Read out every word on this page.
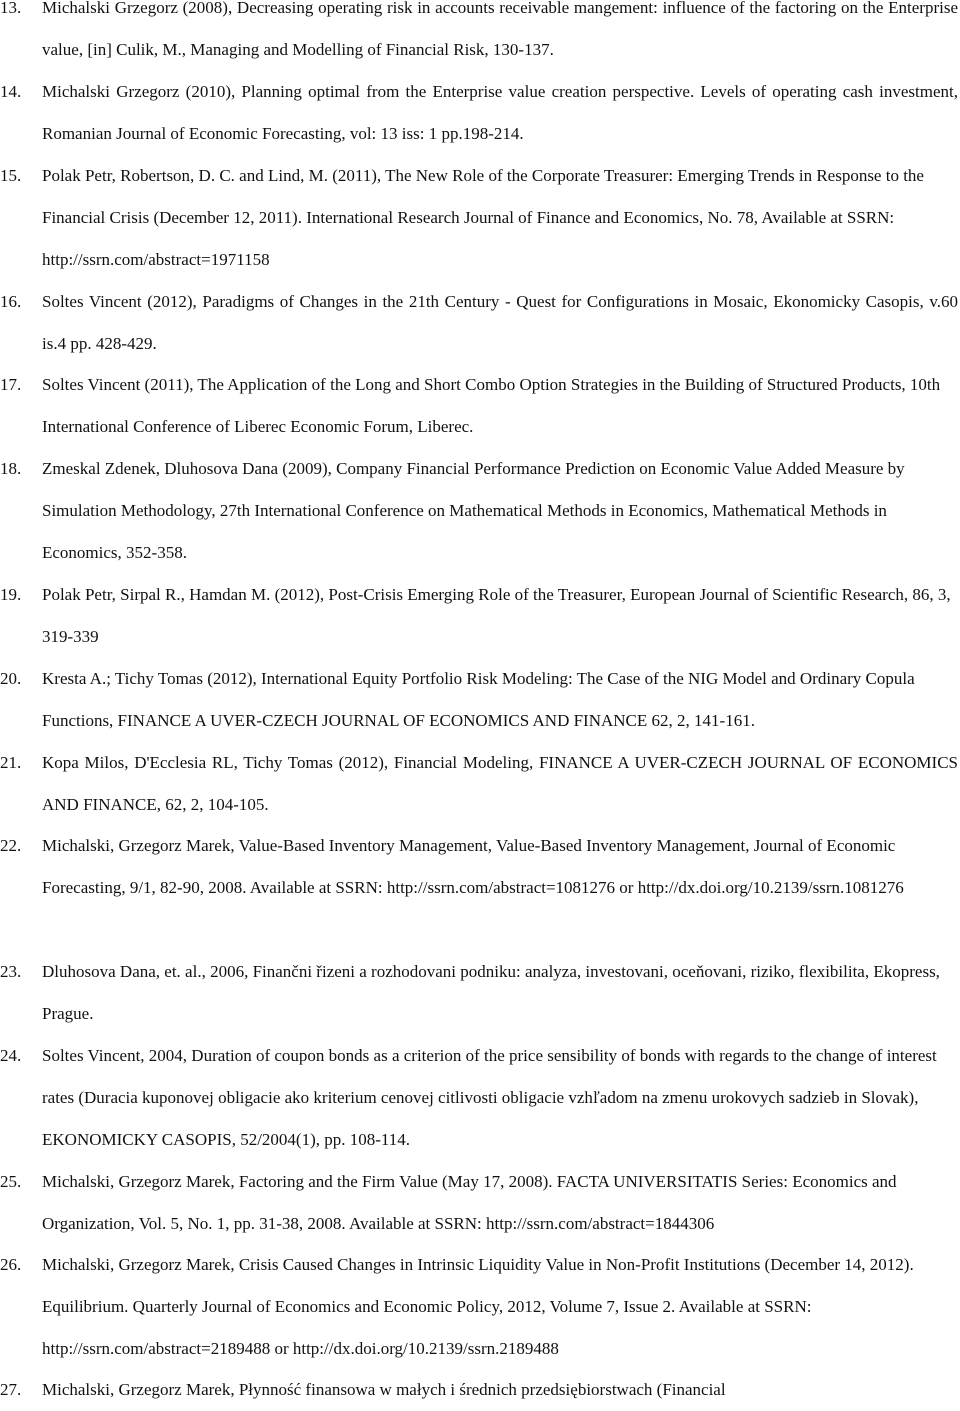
13.	Michalski Grzegorz (2008), Decreasing operating risk in accounts receivable mangement: influence of the factoring on the Enterprise value, [in] Culik, M., Managing and Modelling of Financial Risk, 130-137.

14.	Michalski Grzegorz (2010), Planning optimal from the Enterprise value creation perspective. Levels of operating cash investment, Romanian Journal of Economic Forecasting, vol: 13 iss: 1 pp.198-214.

15.	Polak Petr, Robertson, D. C. and Lind, M. (2011), The New Role of the Corporate Treasurer: Emerging Trends in Response to the Financial Crisis (December 12, 2011). International Research Journal of Finance and Economics, No. 78, Available at SSRN: http://ssrn.com/abstract=1971158

16.	Soltes Vincent (2012), Paradigms of Changes in the 21th Century - Quest for Configurations in Mosaic, Ekonomicky Casopis, v.60 is.4 pp. 428-429.

17.	Soltes Vincent (2011), The Application of the Long and Short Combo Option Strategies in the Building of Structured Products, 10th International Conference of Liberec Economic Forum, Liberec.

18.	Zmeskal Zdenek, Dluhosova Dana (2009), Company Financial Performance Prediction on Economic Value Added Measure by Simulation Methodology, 27th International Conference on Mathematical Methods in Economics, Mathematical Methods in Economics, 352-358.

19.	Polak Petr, Sirpal R., Hamdan M. (2012), Post-Crisis Emerging Role of the Treasurer, European Journal of Scientific Research, 86, 3, 319-339

20.	Kresta A.; Tichy Tomas (2012), International Equity Portfolio Risk Modeling: The Case of the NIG Model and Ordinary Copula Functions, FINANCE A UVER-CZECH JOURNAL OF ECONOMICS AND FINANCE 62, 2, 141-161.

21.	Kopa Milos, D'Ecclesia RL, Tichy Tomas (2012), Financial Modeling, FINANCE A UVER-CZECH JOURNAL OF ECONOMICS AND FINANCE, 62, 2, 104-105.

22.	Michalski, Grzegorz Marek, Value-Based Inventory Management, Value-Based Inventory Management, Journal of Economic Forecasting, 9/1, 82-90, 2008. Available at SSRN: http://ssrn.com/abstract=1081276 or http://dx.doi.org/10.2139/ssrn.1081276

23.	Dluhosova Dana, et. al., 2006, Finančni řizeni a rozhodovani podniku: analyza, investovani, oceňovani, riziko, flexibilita, Ekopress, Prague.

24.	Soltes Vincent, 2004, Duration of coupon bonds as a criterion of the price sensibility of bonds with regards to the change of interest rates (Duracia kuponovej obligacie ako kriterium cenovej citlivosti obligacie vzhľadom na zmenu urokovych sadzieb in Slovak), EKONOMICKY CASOPIS, 52/2004(1), pp. 108-114.

25.	Michalski, Grzegorz Marek, Factoring and the Firm Value (May 17, 2008). FACTA UNIVERSITATIS Series: Economics and Organization, Vol. 5, No. 1, pp. 31-38, 2008. Available at SSRN: http://ssrn.com/abstract=1844306

26.	Michalski, Grzegorz Marek, Crisis Caused Changes in Intrinsic Liquidity Value in Non-Profit Institutions (December 14, 2012). Equilibrium. Quarterly Journal of Economics and Economic Policy, 2012, Volume 7, Issue 2. Available at SSRN: http://ssrn.com/abstract=2189488 or http://dx.doi.org/10.2139/ssrn.2189488

27.	Michalski, Grzegorz Marek, Płynność finansowa w małych i średnich przedsiębiorstwach (Financial
